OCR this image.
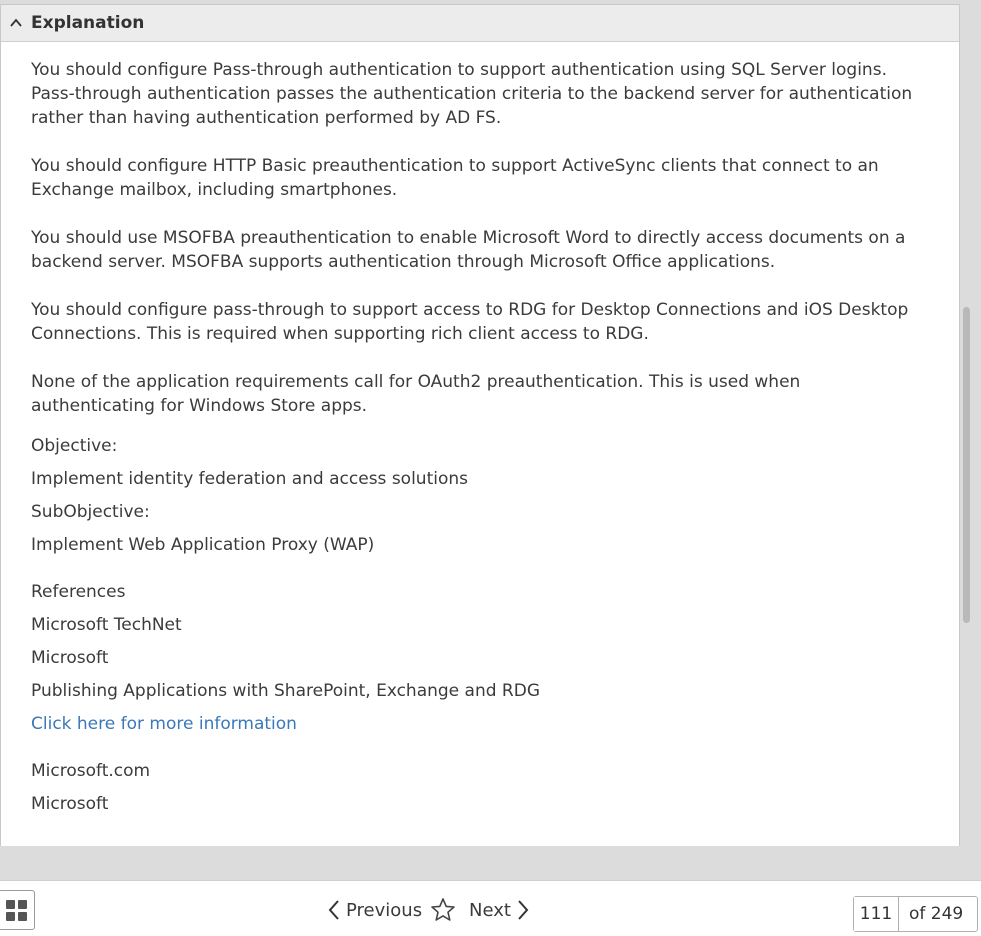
Explanation

You should configure Pass-through authentication to support authentication using SQL Server logins. Pass-through authentication passes the authentication criteria to the backend server for authentication rather than having authentication performed by AD FS.

You should configure HTTP Basic preauthentication to support ActiveSync clients that connect to an Exchange mailbox, including smartphones.

You should use MSOFBA preauthentication to enable Microsoft Word to directly access documents on a backend server. MSOFBA supports authentication through Microsoft Office applications.

You should configure pass-through to support access to RDG for Desktop Connections and iOS Desktop Connections. This is required when supporting rich client access to RDG.

None of the application requirements call for OAuth2 preauthentication. This is used when authenticating for Windows Store apps.

Objective:
Implement identity federation and access solutions
SubObjective:
Implement Web Application Proxy (WAP)
References
Microsoft TechNet
Microsoft
Publishing Applications with SharePoint, Exchange and RDG
Click here for more information
Microsoft.com
Microsoft
Previous	Next
111	of 249
